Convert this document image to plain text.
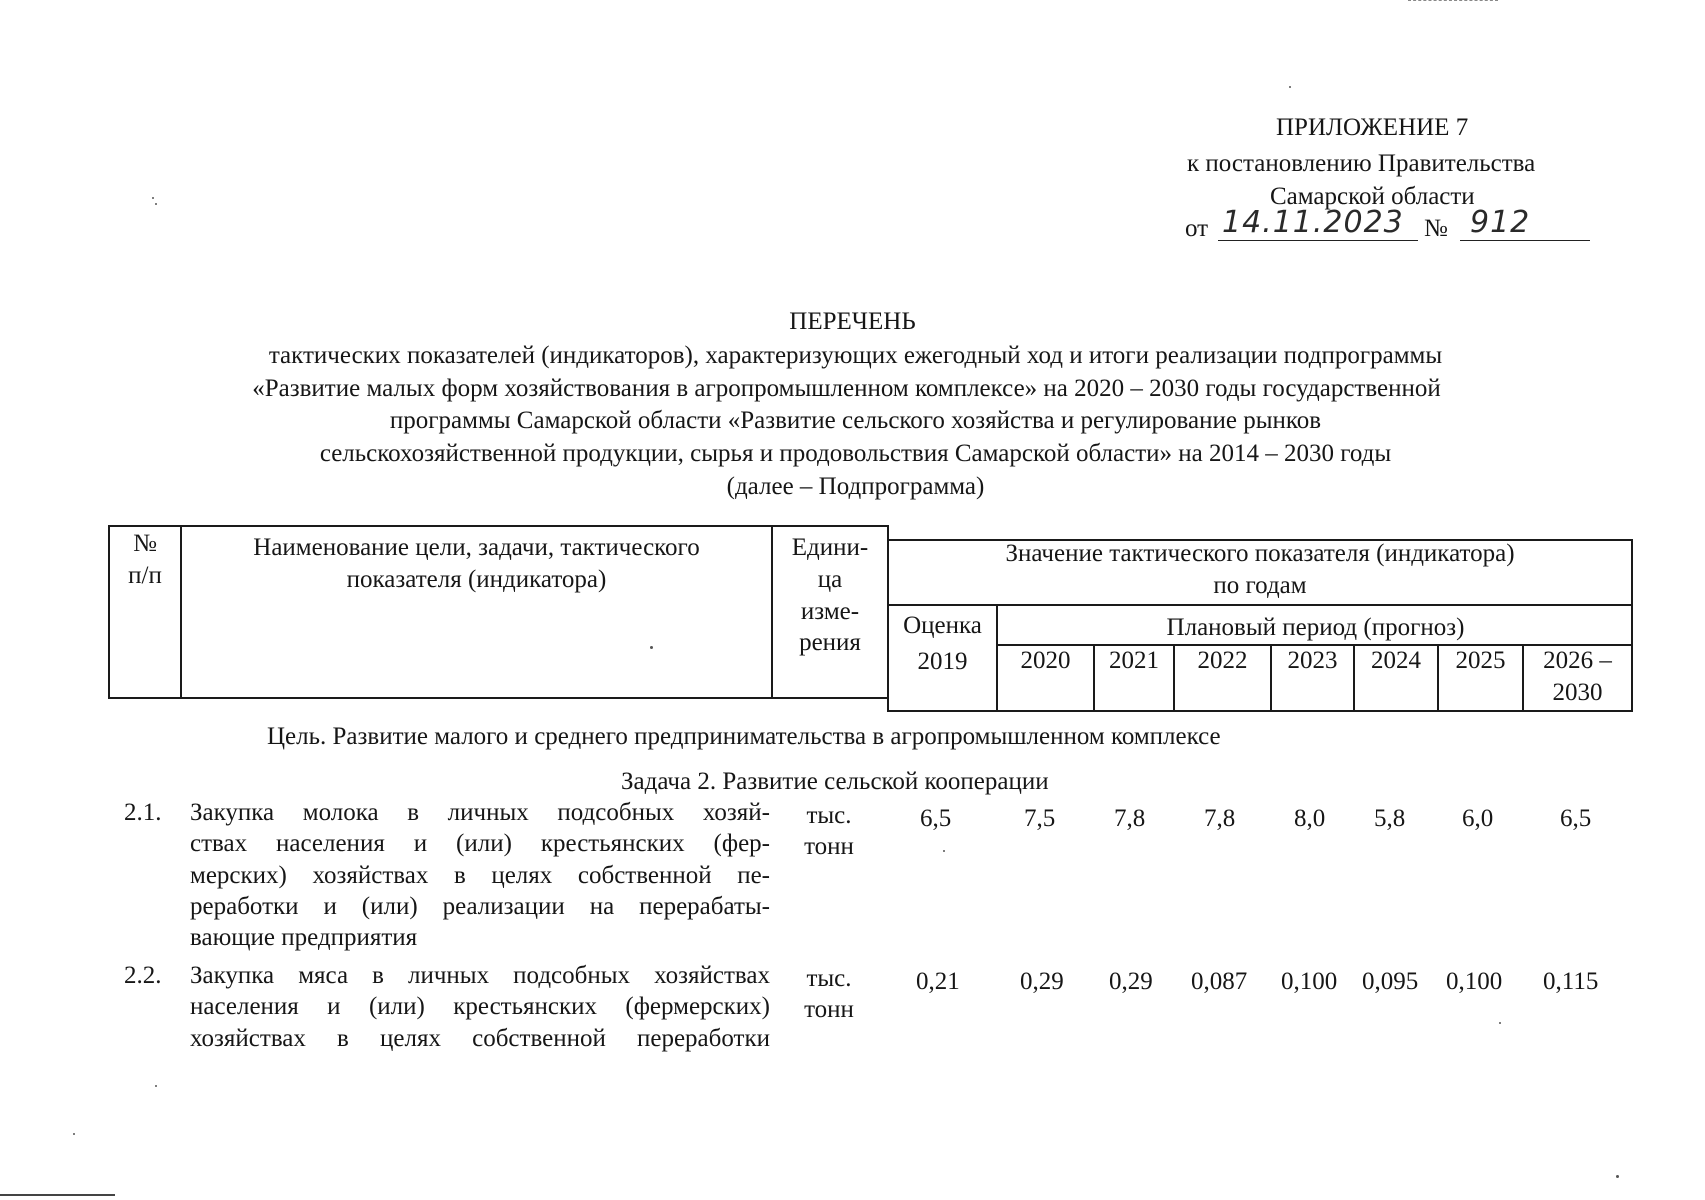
ПРИЛОЖЕНИЕ 7
к постановлению Правительства
Самарской области
от 14.11.2023 № 912
ПЕРЕЧЕНЬ
тактических показателей (индикаторов), характеризующих ежегодный ход и итоги реализации подпрограммы
«Развитие малых форм хозяйствования в агропромышленном комплексе» на 2020 – 2030 годы государственной
программы Самарской области «Развитие сельского хозяйства и регулирование рынков
сельскохозяйственной продукции, сырья и продовольствия Самарской области» на 2014 – 2030 годы
(далее – Подпрограмма)
№
п/п
Наименование цели, задачи, тактического
показателя (индикатора)
Едини-
ца
изме-
рения
Значение тактического показателя (индикатора)
по годам
Оценка
2019
Плановый период (прогноз)
2020	2021	2022	2023	2024	2025	2026 –
2030
Цель. Развитие малого и среднего предпринимательства в агропромышленном комплексе
Задача 2. Развитие сельской кооперации
2.1. Закупка молока в личных подсобных хозяй-
ствах населения и (или) крестьянских (фер-
мерских) хозяйствах в целях собственной пе-
реработки и (или) реализации на перерабаты-
вающие предприятия
тыс.
тонн
6,5	7,5 7,8 7,8 8,0 5,8 6,0	6,5
2.2. Закупка мяса в личных подсобных хозяйствах
населения и (или) крестьянских (фермерских)
хозяйствах в целях собственной переработки
тыс.
тонн
0,21 0,29 0,29 0,087 0,100 0,095 0,100 0,115
